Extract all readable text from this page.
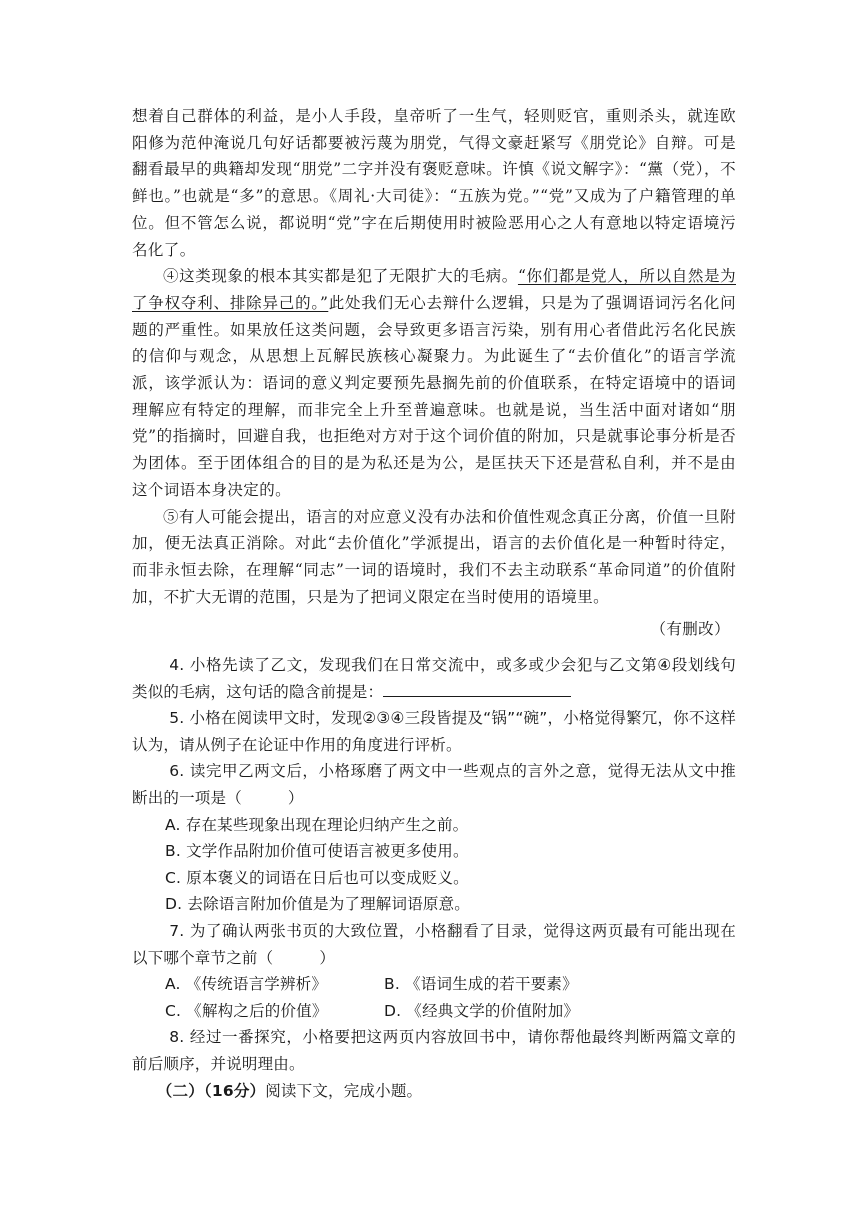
想着自己群体的利益，是小人手段，皇帝听了一生气，轻则贬官，重则杀头，就连欧阳修为范仲淹说几句好话都要被污蔑为朋党，气得文豪赶紧写《朋党论》自辩。可是翻看最早的典籍却发现“朋党”二字并没有褒贬意味。许慎《说文解字》：“黨（党），不鲜也。”也就是“多”的意思。《周礼·大司徒》：“五族为党。”“党”又成为了户籍管理的单位。但不管怎么说，都说明“党”字在后期使用时被险恶用心之人有意地以特定语境污名化了。

④这类现象的根本其实都是犯了无限扩大的毛病。“你们都是党人，所以自然是为了争权夺利、排除异己的。”此处我们无心去辩什么逻辑，只是为了强调语词污名化问题的严重性。如果放任这类问题，会导致更多语言污染，别有用心者借此污名化民族的信仰与观念，从思想上瓦解民族核心凝聚力。为此诞生了“去价值化”的语言学流派，该学派认为：语词的意义判定要预先悬搁先前的价值联系，在特定语境中的语词理解应有特定的理解，而非完全上升至普遍意味。也就是说，当生活中面对诸如“朋党”的指摘时，回避自我，也拒绝对方对于这个词价值的附加，只是就事论事分析是否为团体。至于团体组合的目的是为私还是为公，是匡扶天下还是营私自利，并不是由这个词语本身决定的。

⑤有人可能会提出，语言的对应意义没有办法和价值性观念真正分离，价值一旦附加，便无法真正消除。对此“去价值化”学派提出，语言的去价值化是一种暂时待定，而非永恒去除，在理解“同志”一词的语境时，我们不去主动联系“革命同道”的价值附加，不扩大无谓的范围，只是为了把词义限定在当时使用的语境里。

（有删改）

4. 小格先读了乙文，发现我们在日常交流中，或多或少会犯与乙文第④段划线句类似的毛病，这句话的隐含前提是：

5. 小格在阅读甲文时，发现②③④三段皆提及“锅”“碗”，小格觉得繁冗，你不这样认为，请从例子在论证中作用的角度进行评析。

6. 读完甲乙两文后，小格琢磨了两文中一些观点的言外之意，觉得无法从文中推断出的一项是（	）

A. 存在某些现象出现在理论归纳产生之前。

B. 文学作品附加价值可使语言被更多使用。

C. 原本褒义的词语在日后也可以变成贬义。

D. 去除语言附加价值是为了理解词语原意。

7. 为了确认两张书页的大致位置，小格翻看了目录，觉得这两页最有可能出现在以下哪个章节之前（	）

A. 《传统语言学辨析》	B. 《语词生成的若干要素》

C. 《解构之后的价值》	D. 《经典文学的价值附加》

8. 经过一番探究，小格要把这两页内容放回书中，请你帮他最终判断两篇文章的前后顺序，并说明理由。

（二）（16分）阅读下文，完成小题。
